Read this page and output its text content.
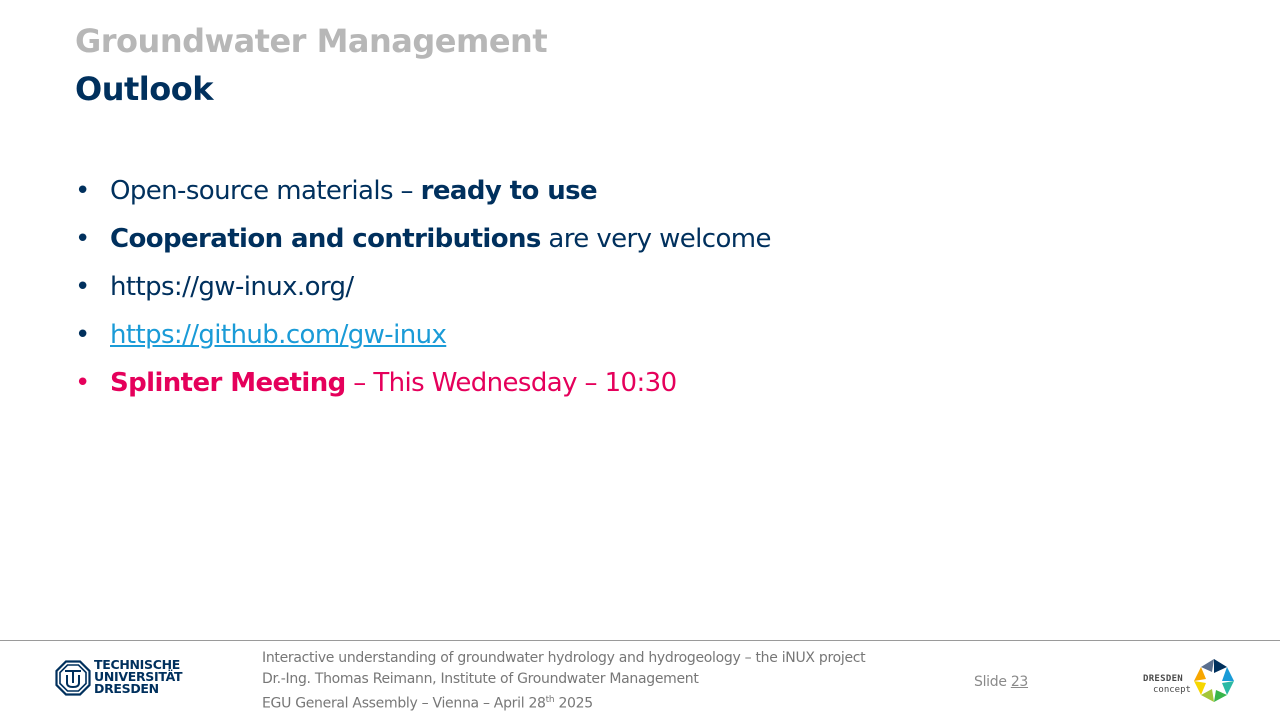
Groundwater Management
Outlook
• Open-source materials – ready to use
• Cooperation and contributions are very welcome
• https://gw-inux.org/
• https://github.com/gw-inux
• Splinter Meeting – This Wednesday – 10:30
TECHNISCHE
UNIVERSITÄT
DRESDEN
Interactive understanding of groundwater hydrology and hydrogeology – the iNUX project
Dr.-Ing. Thomas Reimann, Institute of Groundwater Management
EGU General Assembly – Vienna – April 28th 2025
Slide 23	DRESDEN
concept
